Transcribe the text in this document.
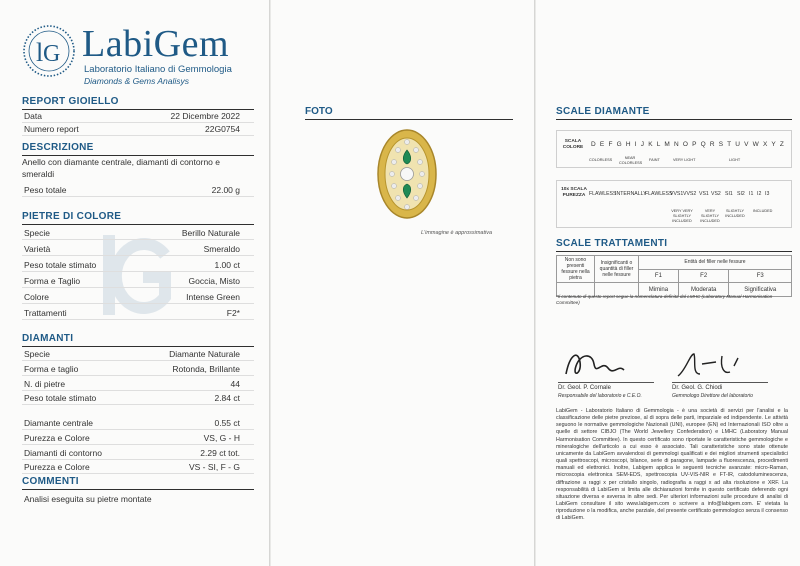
l G LabiGem
Laboratorio Italiano di Gemmologia
Diamonds & Gems Analisys
REPORT GIOIELLO
Data	22 Dicembre 2022
Numero report	22G0754
DESCRIZIONE
Anello con diamante centrale, diamanti di contorno e smeraldi
Peso totale	22.00 g
PIETRE DI COLORE
Specie	Berillo Naturale
Varietà	Smeraldo
Peso totale stimato	1.00 ct
Forma e Taglio	Goccia, Misto
Colore	Intense Green
Trattamenti	F2*
DIAMANTI
Specie	Diamante Naturale
Forma e taglio	Rotonda, Brillante
N. di pietre	44
Peso totale stimato	2.84 ct
Diamante centrale	0.55 ct
Purezza e Colore	VS, G - H
Diamanti di contorno	2.29 ct tot.
Purezza e Colore	VS - SI, F - G
COMMENTI
Analisi eseguita su pietre montate
FOTO
L'immagine è approssimativa
SCALE DIAMANTE
SCALA COLORE	D E F G H I J K L M N O P Q R S T U V W X Y Z
COLORLESS	NEAR COLORLESS
FAINT	VERY LIGHT	LIGHT
10x SCALA PUREZZA FLAWLESS
INTERNALLY
FLAWLESS
VVS1 VVS2 VS1 VS2 SI1 SI2 I1 I2 I3
VERY VERY SLIGHTLY INCLUDED
VERY SLIGHTLY INCLUDED
SLIGHTLY INCLUDED
INCLUDED
SCALE TRATTAMENTI
Non sono presenti fessure nella pietra	Insignificanti o quantità di filler nelle fessure	Entità del filler nelle fessure		
		F1	F2	F3
		Mimina	Moderata	Significativa
*Il contenuto di questo report segue la nomenclatura definita dal LMHC (Laboratory Manual Harmonisation Committee)
Dr. Geol. P. Cornale
Responsabile del laboratorio e C.E.O.
Dr. Geol. G. Chiodi
Gemmologo Direttore del laboratorio
LabiGem - Laboratorio Italiano di Gemmologia - è una società di servizi per l'analisi e la classificazione delle pietre preziose, al di sopra delle parti, imparziale ed indipendente. Le attività seguono le normative gemmologiche Nazionali (UNI), europee (EN) ed Internazionali ISO oltre a quelle di settore CIBJO (The World Jewellery Confederation) e LMHC (Laboratory Manual Harmonisation Committee). In questo certificato sono riportate le caratteristiche gemmologiche e mineralogiche dell'articolo a cui esso è associato. Tali caratteristiche sono state ottenute unicamente da LabiGem avvalendosi di gemmologi qualificati e dei migliori strumenti specialistici quali spettroscopi, microscopi, bilance, serie di paragone, lampade a fluorescenza, procedimenti manuali ed elettronici. Inoltre, Labigem applica le seguenti tecniche avanzate: micro-Raman, microscopia elettronica SEM-EDS, spettroscopia UV-VIS-NIR e FT-IR, catodoluminescenza, diffrazione a raggi x per cristallo singolo, radiografia a raggi x ad alta risoluzione e XRF. La responsabilità di LabiGem si limita alle dichiarazioni fornite in questo certificato deferendo ogni situazione diversa e avversa in altre sedi. Per ulteriori informazioni sulle procedure di analisi di LabiGem consultare il sito www.labigem.com o scrivere a info@labigem.com. E' vietata la riproduzione o la modifica, anche parziale, del presente certificato gemmologico senza il consenso di LabiGem.
